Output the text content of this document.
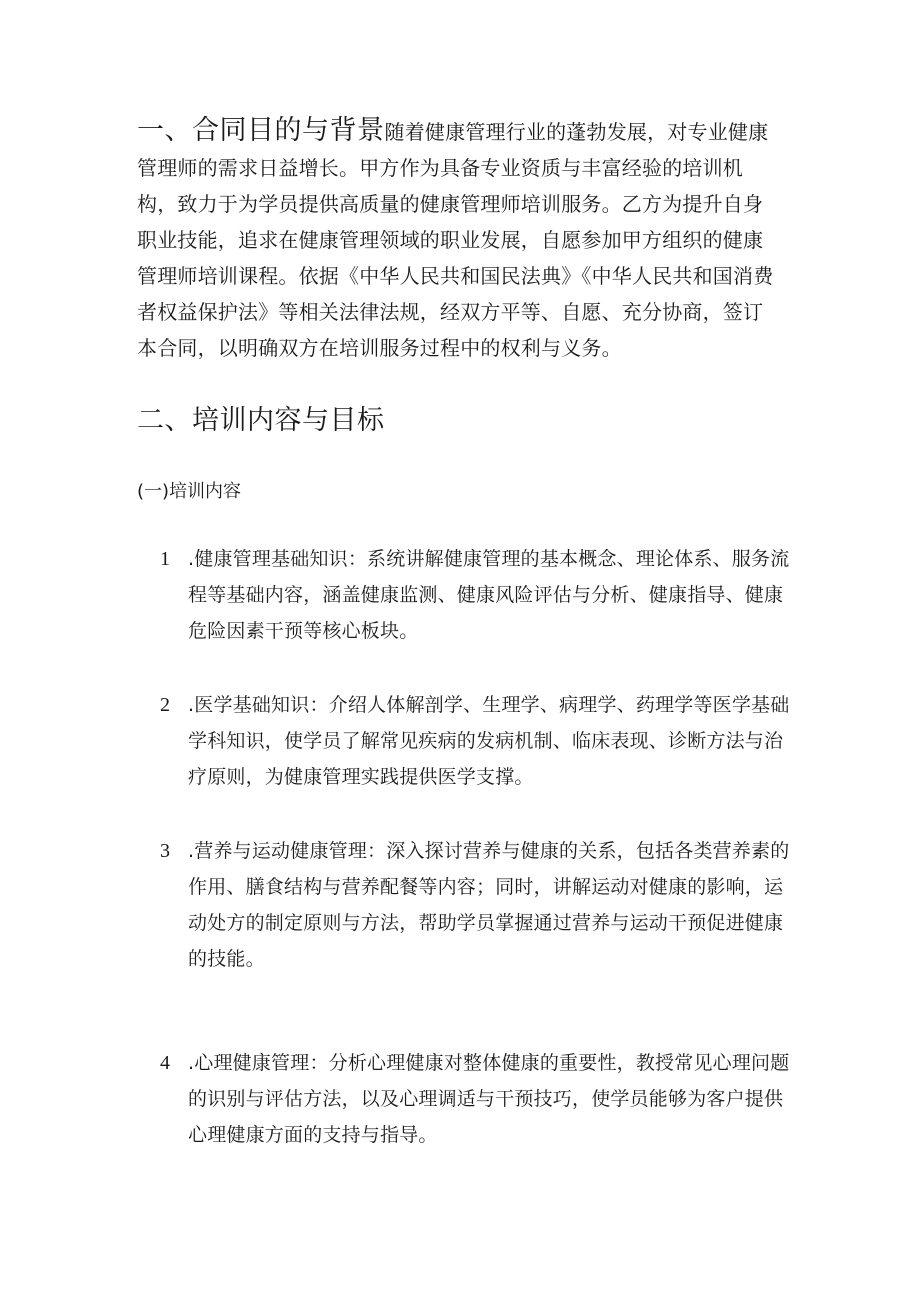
一、合同目的与背景随着健康管理行业的蓬勃发展，对专业健康管理师的需求日益增长。甲方作为具备专业资质与丰富经验的培训机构，致力于为学员提供高质量的健康管理师培训服务。乙方为提升自身职业技能，追求在健康管理领域的职业发展，自愿参加甲方组织的健康管理师培训课程。依据《中华人民共和国民法典》《中华人民共和国消费者权益保护法》等相关法律法规，经双方平等、自愿、充分协商，签订本合同，以明确双方在培训服务过程中的权利与义务。
二、培训内容与目标
(一)培训内容
1 .健康管理基础知识：系统讲解健康管理的基本概念、理论体系、服务流程等基础内容，涵盖健康监测、健康风险评估与分析、健康指导、健康危险因素干预等核心板块。
2 .医学基础知识：介绍人体解剖学、生理学、病理学、药理学等医学基础学科知识，使学员了解常见疾病的发病机制、临床表现、诊断方法与治疗原则，为健康管理实践提供医学支撑。
3 .营养与运动健康管理：深入探讨营养与健康的关系，包括各类营养素的作用、膳食结构与营养配餐等内容；同时，讲解运动对健康的影响，运动处方的制定原则与方法，帮助学员掌握通过营养与运动干预促进健康的技能。
4 .心理健康管理：分析心理健康对整体健康的重要性，教授常见心理问题的识别与评估方法，以及心理调适与干预技巧，使学员能够为客户提供心理健康方面的支持与指导。
